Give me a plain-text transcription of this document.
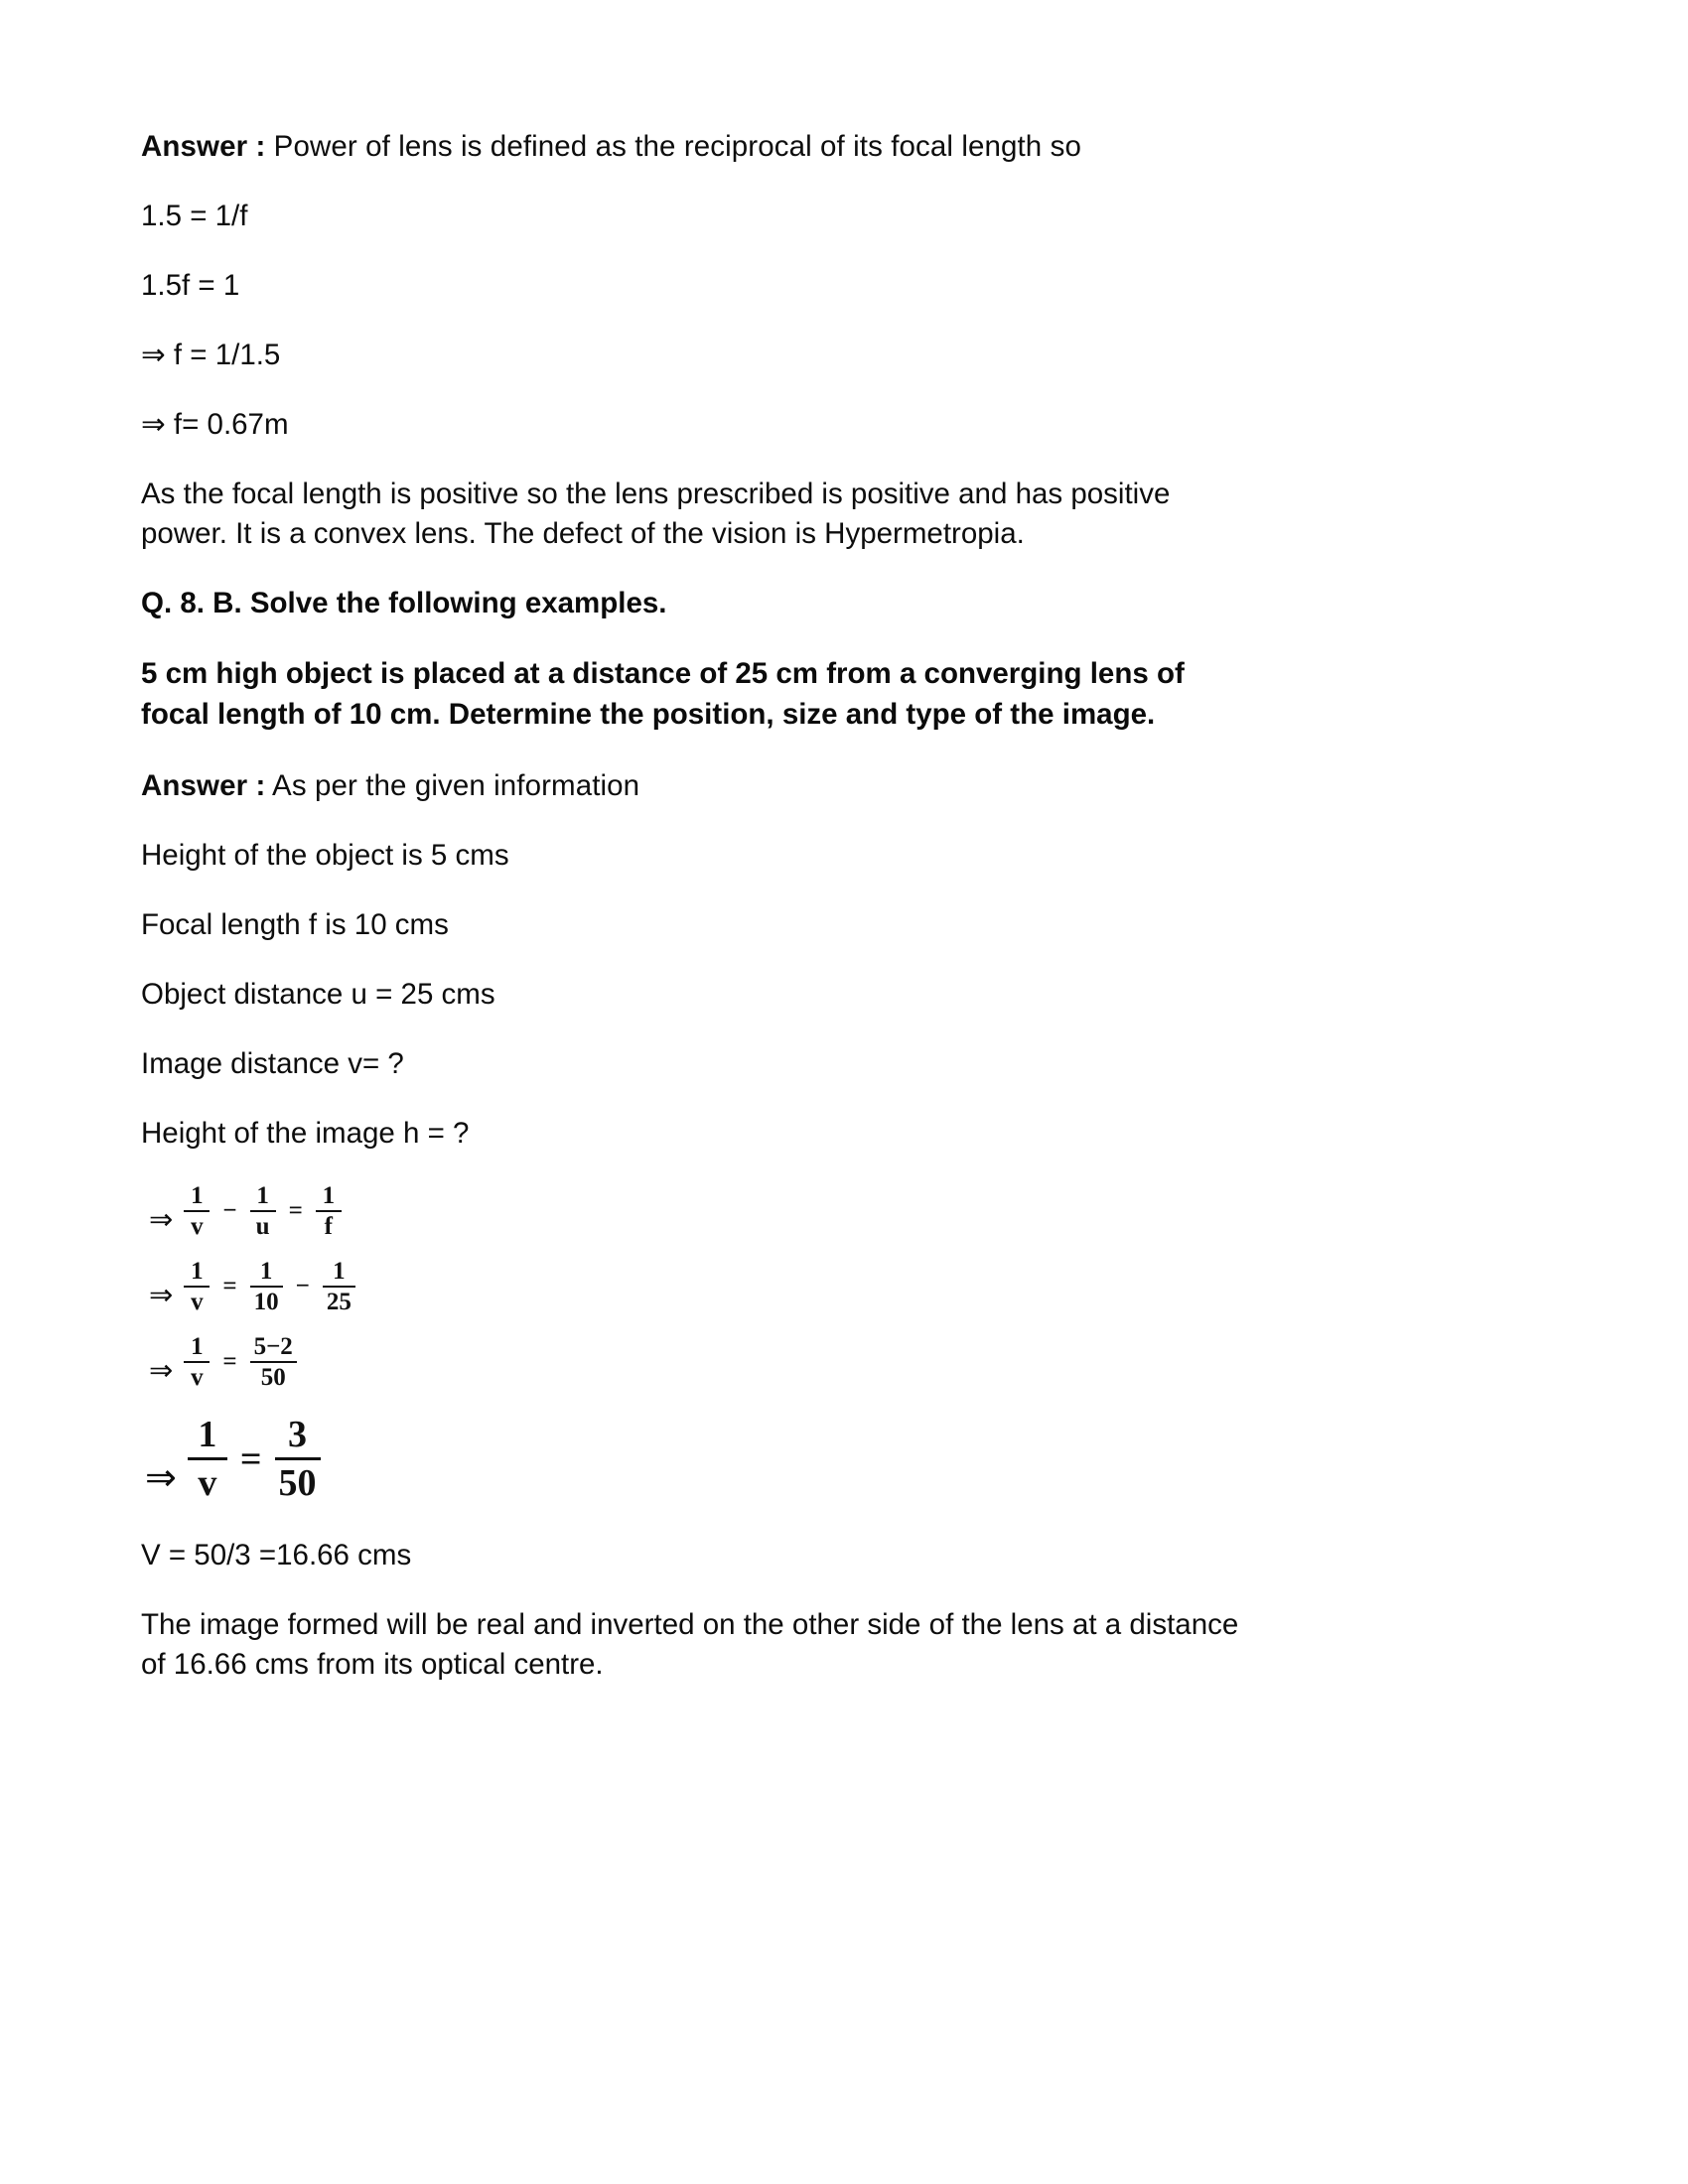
Answer : Power of lens is defined as the reciprocal of its focal length so

1.5 = 1/f

1.5f = 1

⇒ f = 1/1.5

⇒ f= 0.67m

As the focal length is positive so the lens prescribed is positive and has positive power. It is a convex lens. The defect of the vision is Hypermetropia.

Q. 8. B. Solve the following examples.

5 cm high object is placed at a distance of 25 cm from a converging lens of focal length of 10 cm. Determine the position, size and type of the image.

Answer : As per the given information

Height of the object is 5 cms

Focal length f is 10 cms

Object distance u = 25 cms

Image distance v= ?

Height of the image h = ?

⇒ $\frac{1}{v} - \frac{1}{u} = \frac{1}{f}$
⇒ $\frac{1}{v} = \frac{1}{10} - \frac{1}{25}$
⇒ $\frac{1}{v} = \frac{5-2}{50}$
⇒ $\frac{1}{v} = \frac{3}{50}$

V = 50/3 =16.66 cms

The image formed will be real and inverted on the other side of the lens at a distance of 16.66 cms from its optical centre.
